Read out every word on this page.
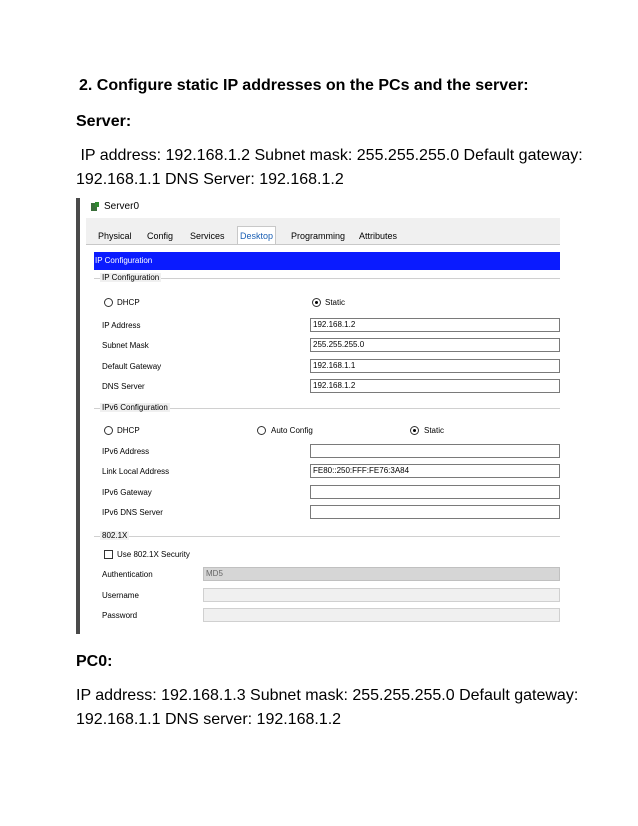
2. Configure static IP addresses on the PCs and the server:
Server:
IP address: 192.168.1.2 Subnet mask: 255.255.255.0 Default gateway:
192.168.1.1 DNS Server: 192.168.1.2
Server0
Physical Config Services	Desktop	Programming Attributes
IP Configuration
IP Configuration
DHCP	Static
IP Address	192.168.1.2
Subnet Mask	255.255.255.0
Default Gateway	192.168.1.1
DNS Server	192.168.1.2
IPv6 Configuration
DHCP	Auto Config	Static
IPv6 Address
Link Local Address	FE80::250:FFF:FE76:3A84
IPv6 Gateway
IPv6 DNS Server
802.1X
Use 802.1X Security
Authentication	MD5
Username
Password
PC0:
IP address: 192.168.1.3 Subnet mask: 255.255.255.0 Default gateway:
192.168.1.1 DNS server: 192.168.1.2
